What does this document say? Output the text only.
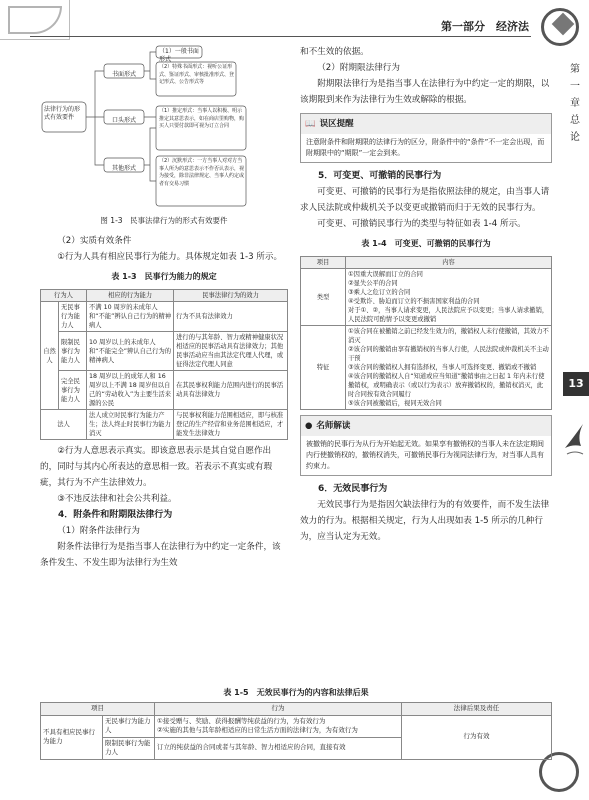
第一部分　经济法
第
一
章
总
论
13
法律行为的形式有效要件
书面形式
口头形式
其他形式
（1）一般书面形式
（2）特殊书面形式：视听公证形式、鉴证形式、审核批准形式、登记形式、公告形式等
（1）推定形式：当事人以积极、明示推定其意思表示，如在商店里购物，购买人只要付款即可视为订立合同
（2）沉默形式：一方当事人对对方当事人所为的意思表示不作否认表示，视为接受，除非法律规定、当事人约定或者有交易习惯
图 1-3　民事法律行为的形式有效要件

（2）实质有效条件

①行为人具有相应民事行为能力。具体规定如表 1-3 所示。

表 1-3　民事行为能力的规定
行为人		相应的行为能力	民事法律行为的效力
自然人	无民事行为能力人	不满 10 周岁的未成年人和“不能”辨认自己行为的精神病人	行为不具有法律效力
	限制民事行为能力人	10 周岁以上的未成年人和“不能完全”辨认自己行为的精神病人	进行的与其年龄、智力或精神健康状况相适应的民事活动具有法律效力；其他民事活动应当由其法定代理人代理，或征得法定代理人同意
	完全民事行为能力人	18 周岁以上的成年人和 16 周岁以上不满 18 周岁但以自己的“劳动收入”为主要生活来源的公民	在其民事权利能力范围内进行的民事活动具有法律效力
法人		法人成立时民事行为能力产生；法人终止时民事行为能力消灭	与民事权利能力范围相适应，即与核准登记的生产经营和业务范围相适应，才能发生法律效力

②行为人意思表示真实。即该意思表示是其自觉自愿作出的，同时与其内心所表达的意思相一致。若表示不真实或有瑕疵，其行为不产生法律效力。

③不违反法律和社会公共利益。

4．附条件和附期限法律行为

（1）附条件法律行为

附条件法律行为是指当事人在法律行为中约定一定条件，该条件发生、不发生即为法律行为生效

和不生效的依据。

（2）附期限法律行为

附期限法律行为是指当事人在法律行为中约定一定的期限，以该期限到来作为法律行为生效或解除的根据。

📖 误区提醒
注意附条件和附期限的法律行为的区分，附条件中的“条件”不一定会出现，而附期限中的“期限”一定会到来。

5．可变更、可撤销的民事行为

可变更、可撤销的民事行为是指依照法律的规定，由当事人请求人民法院或仲裁机关予以变更或撤销而归于无效的民事行为。

可变更、可撤销民事行为的类型与特征如表 1-4 所示。

表 1-4　可变更、可撤销的民事行为
项目	内容
类型	①因重大误解而订立的合同
②显失公平的合同
③乘人之危订立的合同
④受欺诈、胁迫而订立的不损害国家利益的合同
对于①、②，当事人请求变更，人民法院应予以变更；当事人请求撤销，人民法院可酌情予以变更或撤销
特征	①该合同在被撤销之前已经发生效力的，撤销权人未行使撤销，其效力不消灭
②该合同的撤销由享有撤销权的当事人行使，人民法院或仲裁机关不主动干预
③该合同的撤销权人拥有选择权，当事人可选择变更、撤销或不撤销
④该合同的撤销权人自“知道或应当知道”撤销事由之日起 1 年内未行使撤销权，或明确表示（或以行为表示）放弃撤销权的，撤销权消灭，此时合同按有效合同履行
⑤该合同被撤销后，视同无效合同
● 名师解读
被撤销的民事行为从行为开始起无效。如果享有撤销权的当事人未在法定期间内行使撤销权的，撤销权消失，可撤销民事行为视同法律行为，对当事人具有约束力。

6．无效民事行为

无效民事行为是指因欠缺法律行为的有效要件，而不发生法律效力的行为。根据相关规定，行为人出现如表 1-5 所示的几种行为，应当认定为无效。

表 1-5　无效民事行为的内容和法律后果
项目		行为	法律后果及责任
不具有相应民事行为能力	无民事行为能力人	①接受赠与、奖励、获得报酬等纯获益的行为，为有效行为
②实施的其他与其年龄相适应的日常生活方面的法律行为，为有效行为	行为有效
	限制民事行为能力人	订立的纯获益的合同或者与其年龄、智力相适应的合同，直接有效	
